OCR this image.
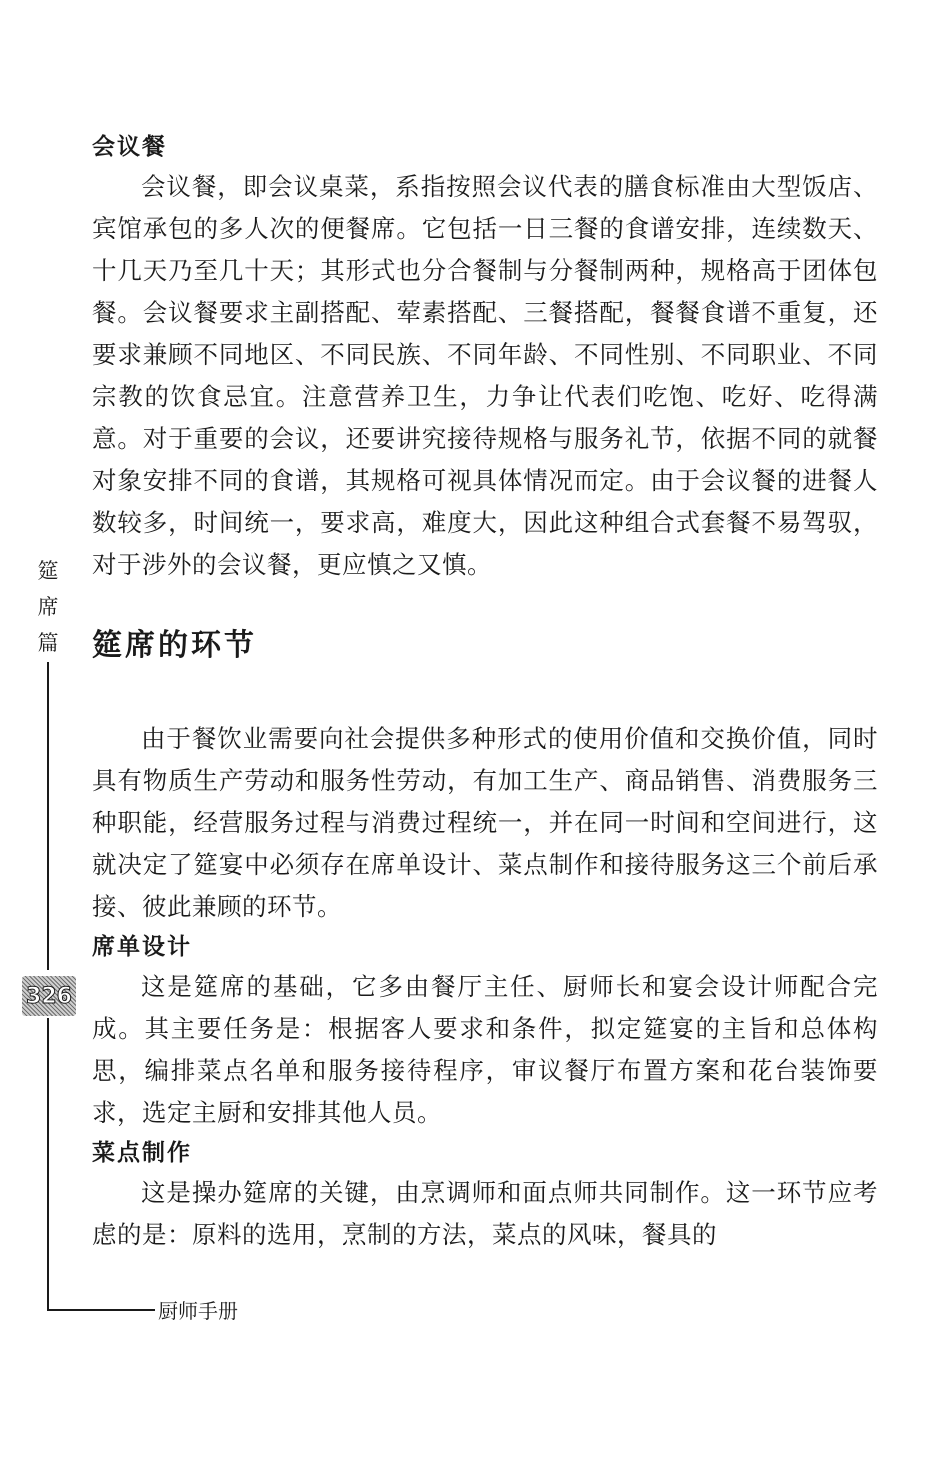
筵
席
篇
326
厨师手册
会议餐

会议餐，即会议桌菜，系指按照会议代表的膳食标准由大型饭店、宾馆承包的多人次的便餐席。它包括一日三餐的食谱安排，连续数天、十几天乃至几十天；其形式也分合餐制与分餐制两种，规格高于团体包餐。会议餐要求主副搭配、荤素搭配、三餐搭配，餐餐食谱不重复，还要求兼顾不同地区、不同民族、不同年龄、不同性别、不同职业、不同宗教的饮食忌宜。注意营养卫生，力争让代表们吃饱、吃好、吃得满意。对于重要的会议，还要讲究接待规格与服务礼节，依据不同的就餐对象安排不同的食谱，其规格可视具体情况而定。由于会议餐的进餐人数较多，时间统一，要求高，难度大，因此这种组合式套餐不易驾驭，对于涉外的会议餐，更应慎之又慎。

筵席的环节

由于餐饮业需要向社会提供多种形式的使用价值和交换价值，同时具有物质生产劳动和服务性劳动，有加工生产、商品销售、消费服务三种职能，经营服务过程与消费过程统一，并在同一时间和空间进行，这就决定了筵宴中必须存在席单设计、菜点制作和接待服务这三个前后承接、彼此兼顾的环节。

席单设计

这是筵席的基础，它多由餐厅主任、厨师长和宴会设计师配合完成。其主要任务是：根据客人要求和条件，拟定筵宴的主旨和总体构思，编排菜点名单和服务接待程序，审议餐厅布置方案和花台装饰要求，选定主厨和安排其他人员。

菜点制作

这是操办筵席的关键，由烹调师和面点师共同制作。这一环节应考虑的是：原料的选用，烹制的方法，菜点的风味，餐具的
